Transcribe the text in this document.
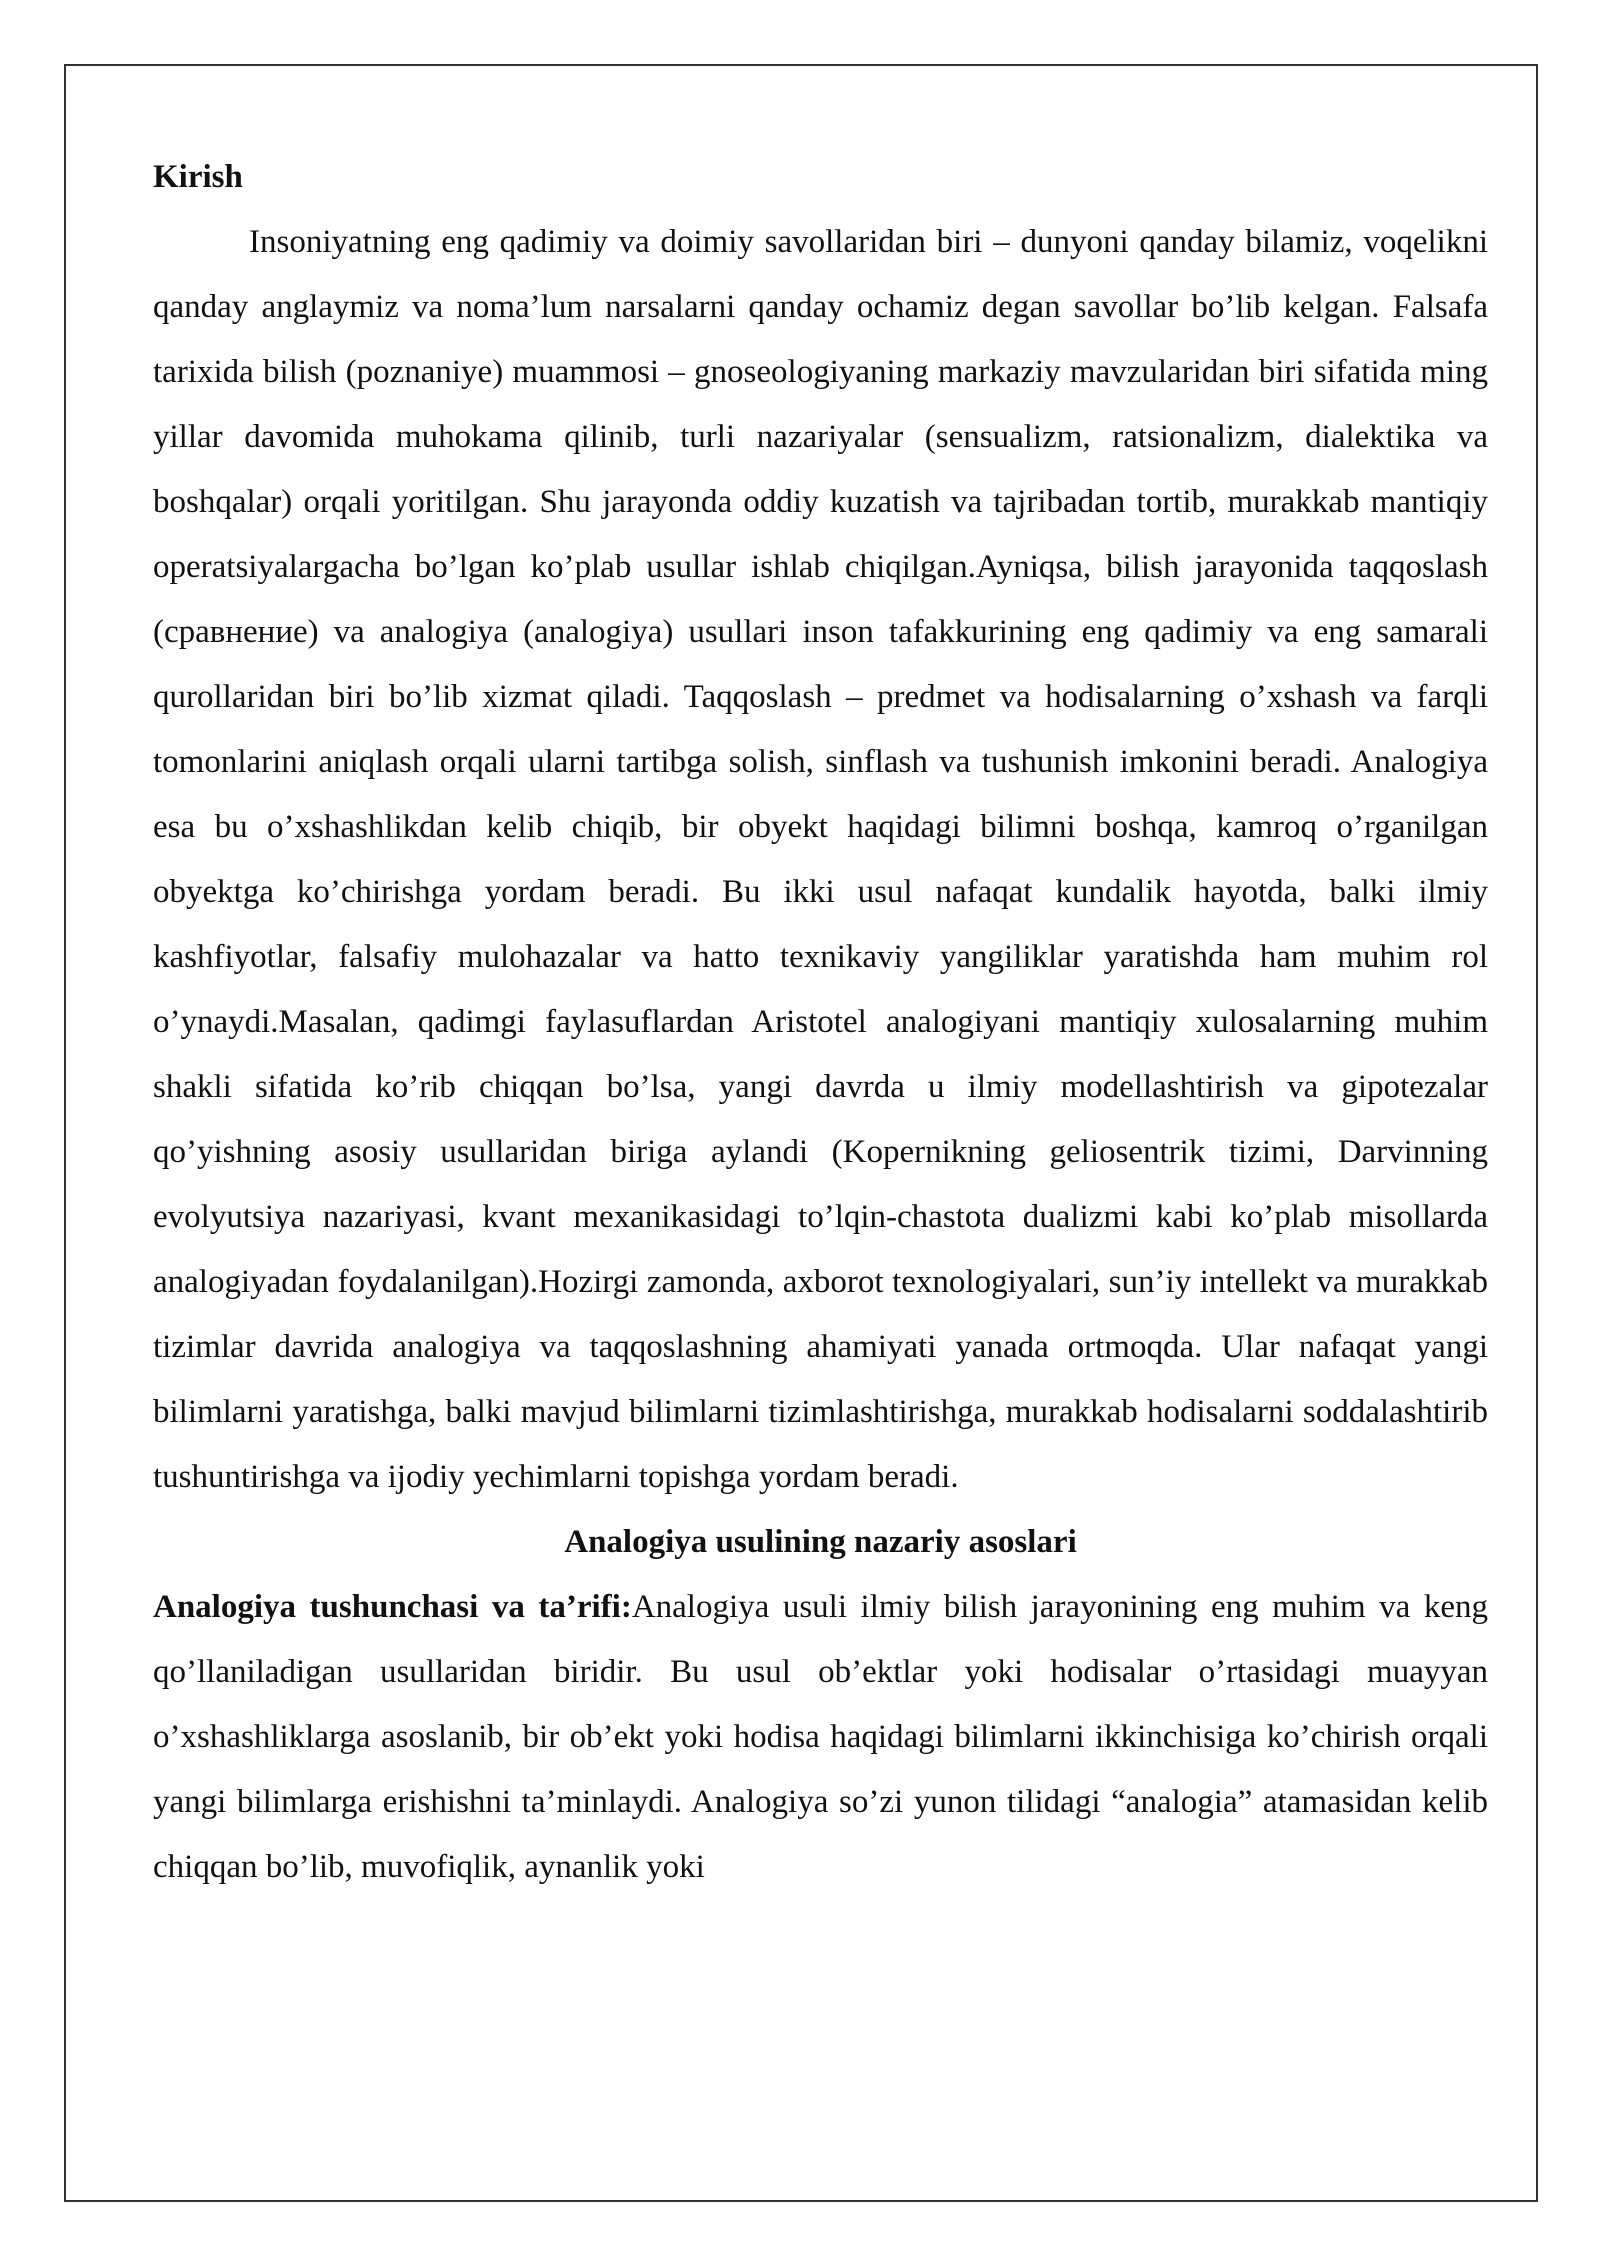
Kirish

Insoniyatning eng qadimiy va doimiy savollaridan biri – dunyoni qanday bilamiz, voqelikni qanday anglaymiz va noma’lum narsalarni qanday ochamiz degan savollar bo’lib kelgan. Falsafa tarixida bilish (poznaniye) muammosi – gnoseologiyaning markaziy mavzularidan biri sifatida ming yillar davomida muhokama qilinib, turli nazariyalar (sensualizm, ratsionalizm, dialektika va boshqalar) orqali yoritilgan. Shu jarayonda oddiy kuzatish va tajribadan tortib, murakkab mantiqiy operatsiyalargacha bo’lgan ko’plab usullar ishlab chiqilgan.Ayniqsa, bilish jarayonida taqqoslash (сравнение) va analogiya (analogiya) usullari inson tafakkurining eng qadimiy va eng samarali qurollaridan biri bo’lib xizmat qiladi. Taqqoslash – predmet va hodisalarning o’xshash va farqli tomonlarini aniqlash orqali ularni tartibga solish, sinflash va tushunish imkonini beradi. Analogiya esa bu o’xshashlikdan kelib chiqib, bir obyekt haqidagi bilimni boshqa, kamroq o’rganilgan obyektga ko’chirishga yordam beradi. Bu ikki usul nafaqat kundalik hayotda, balki ilmiy kashfiyotlar, falsafiy mulohazalar va hatto texnikaviy yangiliklar yaratishda ham muhim rol o’ynaydi.Masalan, qadimgi faylasuflardan Aristotel analogiyani mantiqiy xulosalarning muhim shakli sifatida ko’rib chiqqan bo’lsa, yangi davrda u ilmiy modellashtirish va gipotezalar qo’yishning asosiy usullaridan biriga aylandi (Kopernikning geliosentrik tizimi, Darvinning evolyutsiya nazariyasi, kvant mexanikasidagi to’lqin-chastota dualizmi kabi ko’plab misollarda analogiyadan foydalanilgan).Hozirgi zamonda, axborot texnologiyalari, sun’iy intellekt va murakkab tizimlar davrida analogiya va taqqoslashning ahamiyati yanada ortmoqda. Ular nafaqat yangi bilimlarni yaratishga, balki mavjud bilimlarni tizimlashtirishga, murakkab hodisalarni soddalashtirib tushuntirishga va ijodiy yechimlarni topishga yordam beradi.

Analogiya usulining nazariy asoslari

Analogiya tushunchasi va ta’rifi:Analogiya usuli ilmiy bilish jarayonining eng muhim va keng qo’llaniladigan usullaridan biridir. Bu usul ob’ektlar yoki hodisalar o’rtasidagi muayyan o’xshashliklarga asoslanib, bir ob’ekt yoki hodisa haqidagi bilimlarni ikkinchisiga ko’chirish orqali yangi bilimlarga erishishni ta’minlaydi. Analogiya so’zi yunon tilidagi “analogia” atamasidan kelib chiqqan bo’lib, muvofiqlik, aynanlik yoki
